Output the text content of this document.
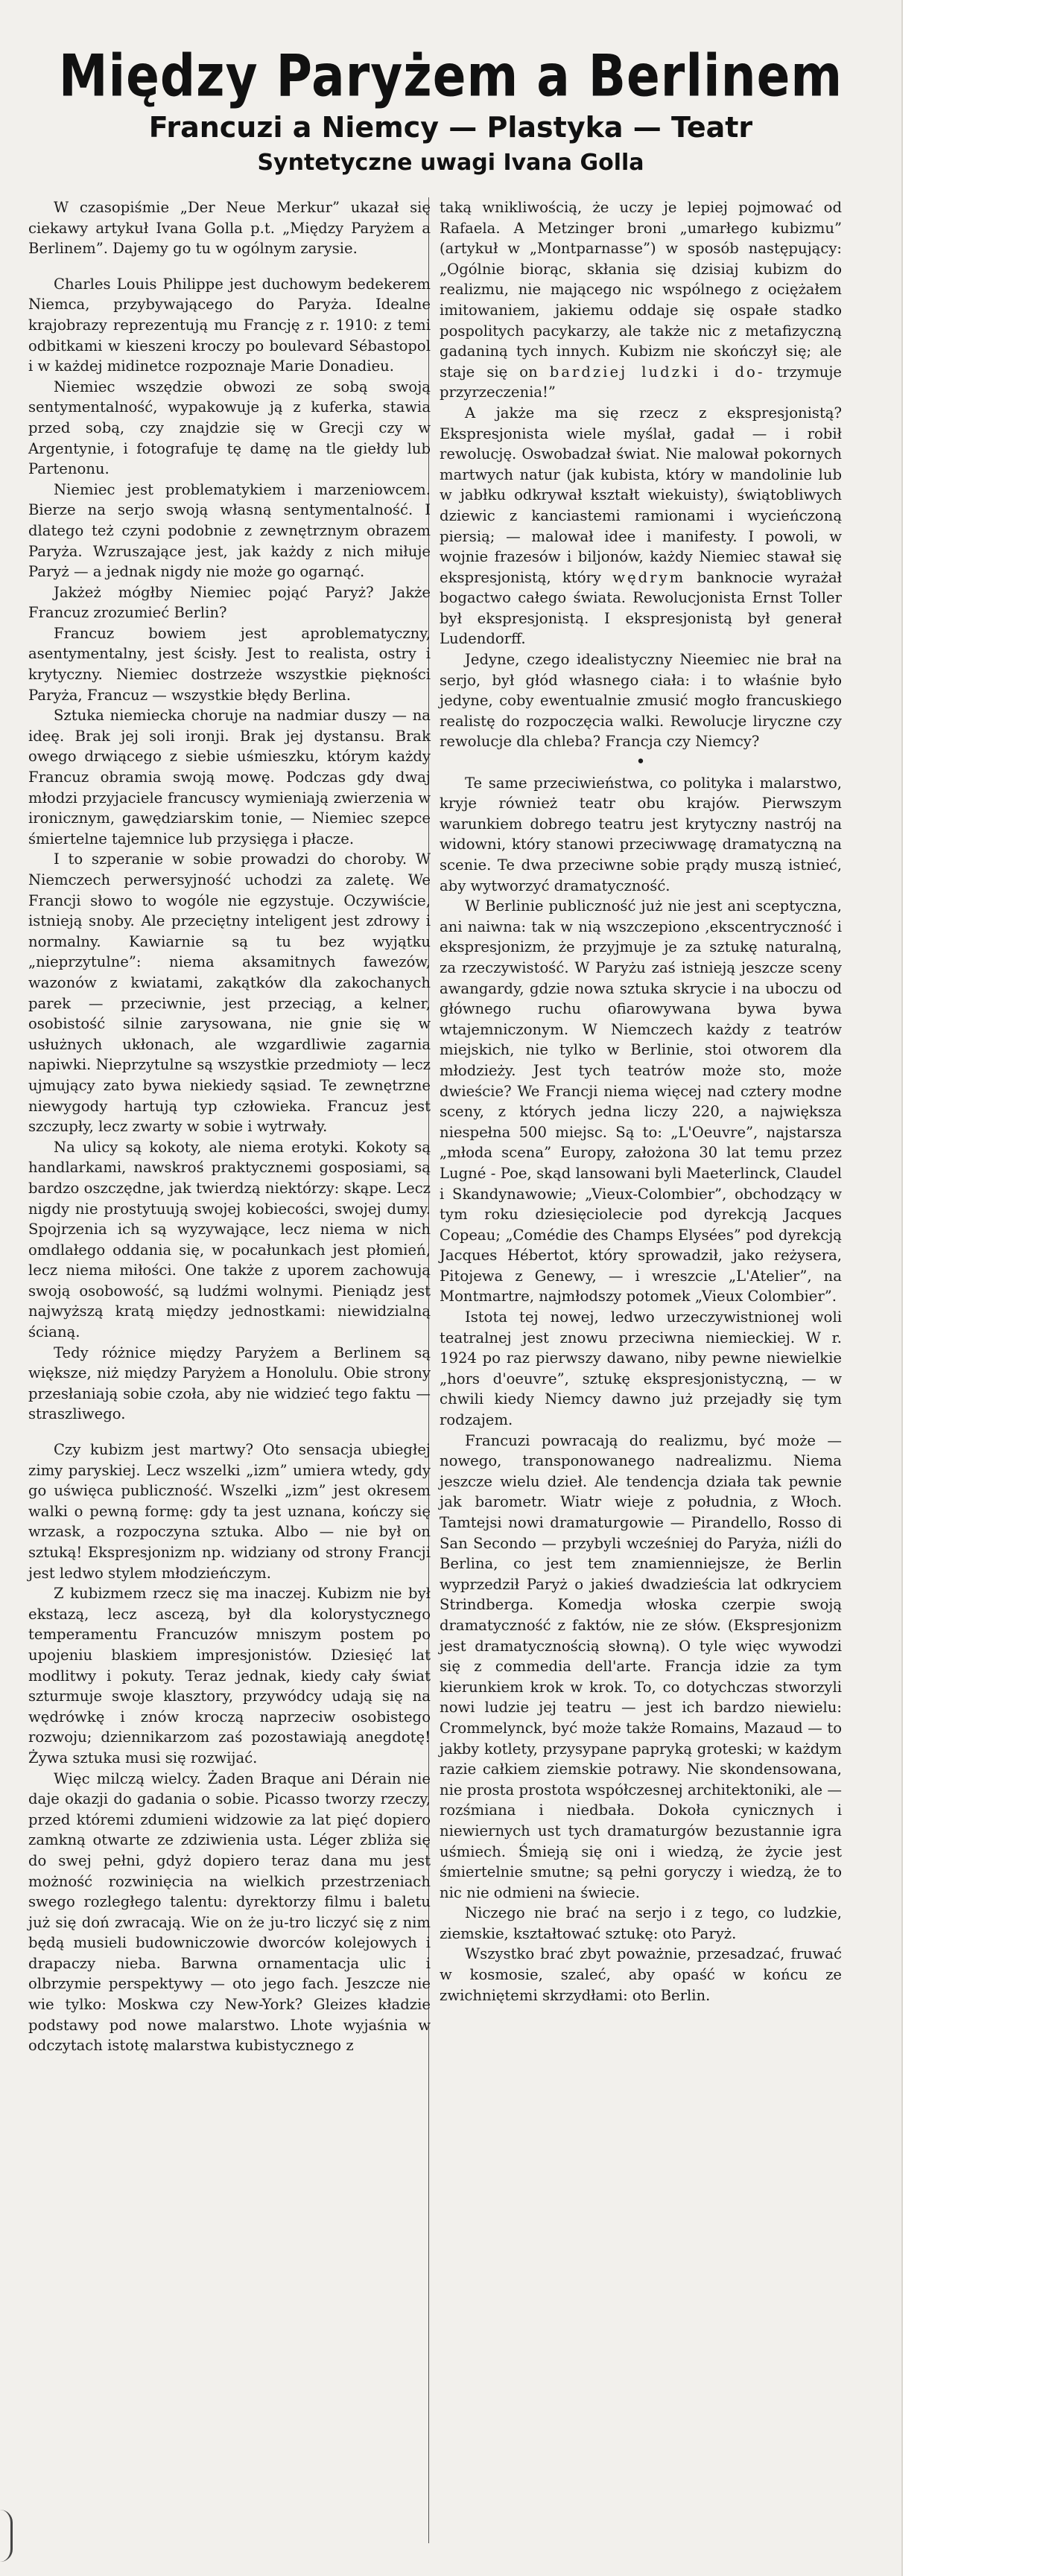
Między Paryżem a Berlinem
Francuzi a Niemcy — Plastyka — Teatr
Syntetyczne uwagi Ivana Golla

W czasopiśmie „Der Neue Merkur” ukazał się ciekawy artykuł Ivana Golla p.t. „Między Paryżem a Berlinem”. Dajemy go tu w ogólnym zarysie.

Charles Louis Philippe jest duchowym bedekerem Niemca, przybywającego do Paryża. Idealne krajobrazy reprezentują mu Francję z r. 1910: z temi odbitkami w kieszeni kroczy po boulevard Sébastopol i w każdej midinetce rozpoznaje Marie Donadieu.

Niemiec wszędzie obwozi ze sobą swoją sentymentalność, wypakowuje ją z kuferka, stawia przed sobą, czy znajdzie się w Grecji czy w Argentynie, i fotografuje tę damę na tle giełdy lub Partenonu.

Niemiec jest problematykiem i marzeniowcem. Bierze na serjo swoją własną sentymentalność. I dlatego też czyni podobnie z zewnętrznym obrazem Paryża. Wzruszające jest, jak każdy z nich miłuje Paryż — a jednak nigdy nie może go ogarnąć.

Jakżeż mógłby Niemiec pojąć Paryż? Jakże Francuz zrozumieć Berlin?

Francuz bowiem jest aproblematyczny, asentymentalny, jest ścisły. Jest to realista, ostry i krytyczny. Niemiec dostrzeże wszystkie piękności Paryża, Francuz — wszystkie błędy Berlina.

Sztuka niemiecka choruje na nadmiar duszy — na ideę. Brak jej soli ironji. Brak jej dystansu. Brak owego drwiącego z siebie uśmieszku, którym każdy Francuz obramia swoją mowę. Podczas gdy dwaj młodzi przyjaciele francuscy wymieniają zwierzenia w ironicznym, gawędziarskim tonie, — Niemiec szepce śmiertelne tajemnice lub przysięga i płacze.

I to szperanie w sobie prowadzi do choroby. W Niemczech perwersyjność uchodzi za zaletę. We Francji słowo to wogóle nie egzystuje. Oczywiście, istnieją snoby. Ale przeciętny inteligent jest zdrowy i normalny. Kawiarnie są tu bez wyjątku „nieprzytulne”: niema aksamitnych fawezów, wazonów z kwiatami, zakątków dla zakochanych parek — przeciwnie, jest przeciąg, a kelner, osobistość silnie zarysowana, nie gnie się w usłużnych ukłonach, ale wzgardliwie zagarnia napiwki. Nieprzytulne są wszystkie przedmioty — lecz ujmujący zato bywa niekiedy sąsiad. Te zewnętrzne niewygody hartują typ człowieka. Francuz jest szczupły, lecz zwarty w sobie i wytrwały.

Na ulicy są kokoty, ale niema erotyki. Kokoty są handlarkami, nawskroś praktycznemi gosposiami, są bardzo oszczędne, jak twierdzą niektórzy: skąpe. Lecz nigdy nie prostytuują swojej kobiecości, swojej dumy. Spojrzenia ich są wyzywające, lecz niema w nich omdlałego oddania się, w pocałunkach jest płomień, lecz niema miłości. One także z uporem zachowują swoją osobowość, są ludźmi wolnymi. Pieniądz jest najwyższą kratą między jednostkami: niewidzialną ścianą.

Tedy różnice między Paryżem a Berlinem są większe, niż między Paryżem a Honolulu. Obie strony przesłaniają sobie czoła, aby nie widzieć tego faktu — straszliwego.

Czy kubizm jest martwy? Oto sensacja ubiegłej zimy paryskiej. Lecz wszelki „izm” umiera wtedy, gdy go uświęca publiczność. Wszelki „izm” jest okresem walki o pewną formę: gdy ta jest uznana, kończy się wrzask, a rozpoczyna sztuka. Albo — nie był on sztuką! Ekspresjonizm np. widziany od strony Francji jest ledwo stylem młodzieńczym.

Z kubizmem rzecz się ma inaczej. Kubizm nie był ekstazą, lecz ascezą, był dla kolorystycznego temperamentu Francuzów mniszym postem po upojeniu blaskiem impresjonistów. Dziesięć lat modlitwy i pokuty. Teraz jednak, kiedy cały świat szturmuje swoje klasztory, przywódcy udają się na wędrówkę i znów kroczą naprzeciw osobistego rozwoju; dziennikarzom zaś pozostawiają anegdotę! Żywa sztuka musi się rozwijać.

Więc milczą wielcy. Żaden Braque ani Dérain nie daje okazji do gadania o sobie. Picasso tworzy rzeczy, przed któremi zdumieni widzowie za lat pięć dopiero zamkną otwarte ze zdziwienia usta. Léger zbliża się do swej pełni, gdyż dopiero teraz dana mu jest możność rozwinięcia na wielkich przestrzeniach swego rozległego talentu: dyrektorzy filmu i baletu już się doń zwracają. Wie on że ju-tro liczyć się z nim będą musieli budowniczowie dworców kolejowych i drapaczy nieba. Barwna ornamentacja ulic i olbrzymie perspektywy — oto jego fach. Jeszcze nie wie tylko: Moskwa czy New-York? Gleizes kładzie podstawy pod nowe malarstwo. Lhote wyjaśnia w odczytach istotę malarstwa kubistycznego z

taką wnikliwością, że uczy je lepiej pojmować od Rafaela. A Metzinger broni „umarłego kubizmu” (artykuł w „Montparnasse”) w sposób następujący: „Ogólnie biorąc, skłania się dzisiaj kubizm do realizmu, nie mającego nic wspólnego z ociężałem imitowaniem, jakiemu oddaje się ospałe stadko pospolitych pacykarzy, ale także nic z metafizyczną gadaniną tych innych. Kubizm nie skończył się; ale staje się on bardziej ludzki i do- trzymuje przyrzeczenia!”

A jakże ma się rzecz z ekspresjonistą? Ekspresjonista wiele myślał, gadał — i robił rewolucję. Oswobadzał świat. Nie malował pokornych martwych natur (jak kubista, który w mandolinie lub w jabłku odkrywał kształt wiekuisty), świątobliwych dziewic z kanciastemi ramionami i wycieńczoną piersią; — malował idee i manifesty. I powoli, w wojnie frazesów i biljonów, każdy Niemiec stawał się ekspresjonistą, który wędrym banknocie wyrażał bogactwo całego świata. Rewolucjonista Ernst Toller był ekspresjonistą. I ekspresjonistą był generał Ludendorff.

Jedyne, czego idealistyczny Nieemiec nie brał na serjo, był głód własnego ciała: i to właśnie było jedyne, coby ewentualnie zmusić mogło francuskiego realistę do rozpoczęcia walki. Rewolucje liryczne czy rewolucje dla chleba? Francja czy Niemcy?

•

Te same przeciwieństwa, co polityka i malarstwo, kryje również teatr obu krajów. Pierwszym warunkiem dobrego teatru jest krytyczny nastrój na widowni, który stanowi przeciwwagę dramatyczną na scenie. Te dwa przeciwne sobie prądy muszą istnieć, aby wytworzyć dramatyczność.

W Berlinie publiczność już nie jest ani sceptyczna, ani naiwna: tak w nią wszczepiono ,ekscentryczność i ekspresjonizm, że przyjmuje je za sztukę naturalną, za rzeczywistość. W Paryżu zaś istnieją jeszcze sceny awangardy, gdzie nowa sztuka skrycie i na uboczu od głównego ruchu ofiarowywana bywa bywa wtajemniczonym. W Niemczech każdy z teatrów miejskich, nie tylko w Berlinie, stoi otworem dla młodzieży. Jest tych teatrów może sto, może dwieście? We Francji niema więcej nad cztery modne sceny, z których jedna liczy 220, a największa niespełna 500 miejsc. Są to: „L'Oeuvre”, najstarsza „młoda scena” Europy, założona 30 lat temu przez Lugné - Poe, skąd lansowani byli Maeterlinck, Claudel i Skandynawowie; „Vieux-Colombier”, obchodzący w tym roku dziesięciolecie pod dyrekcją Jacques Copeau; „Comédie des Champs Elysées” pod dyrekcją Jacques Hébertot, który sprowadził, jako reżysera, Pitojewa z Genewy, — i wreszcie „L'Atelier”, na Montmartre, najmłodszy potomek „Vieux Colombier”.

Istota tej nowej, ledwo urzeczywistnionej woli teatralnej jest znowu przeciwna niemieckiej. W r. 1924 po raz pierwszy dawano, niby pewne niewielkie „hors d'oeuvre”, sztukę ekspresjonistyczną, — w chwili kiedy Niemcy dawno już przejadły się tym rodzajem.

Francuzi powracają do realizmu, być może — nowego, transponowanego nadrealizmu. Niema jeszcze wielu dzieł. Ale tendencja działa tak pewnie jak barometr. Wiatr wieje z południa, z Włoch. Tamtejsi nowi dramaturgowie — Pirandello, Rosso di San Secondo — przybyli wcześniej do Paryża, niźli do Berlina, co jest tem znamienniejsze, że Berlin wyprzedził Paryż o jakieś dwadzieścia lat odkryciem Strindberga. Komedja włoska czerpie swoją dramatyczność z faktów, nie ze słów. (Ekspresjonizm jest dramatycznością słowną). O tyle więc wywodzi się z commedia dell'arte. Francja idzie za tym kierunkiem krok w krok. To, co dotychczas stworzyli nowi ludzie jej teatru — jest ich bardzo niewielu: Crommelynck, być może także Romains, Mazaud — to jakby kotlety, przysypane papryką groteski; w każdym razie całkiem ziemskie potrawy. Nie skondensowana, nie prosta prostota współczesnej architektoniki, ale — rozśmiana i niedbała. Dokoła cynicznych i niewiernych ust tych dramaturgów bezustannie igra uśmiech. Śmieją się oni i wiedzą, że życie jest śmiertelnie smutne; są pełni goryczy i wiedzą, że to nic nie odmieni na świecie.

Niczego nie brać na serjo i z tego, co ludzkie, ziemskie, kształtować sztukę: oto Paryż.

Wszystko brać zbyt poważnie, przesadzać, fruwać w kosmosie, szaleć, aby opaść w końcu ze zwichniętemi skrzydłami: oto Berlin.
